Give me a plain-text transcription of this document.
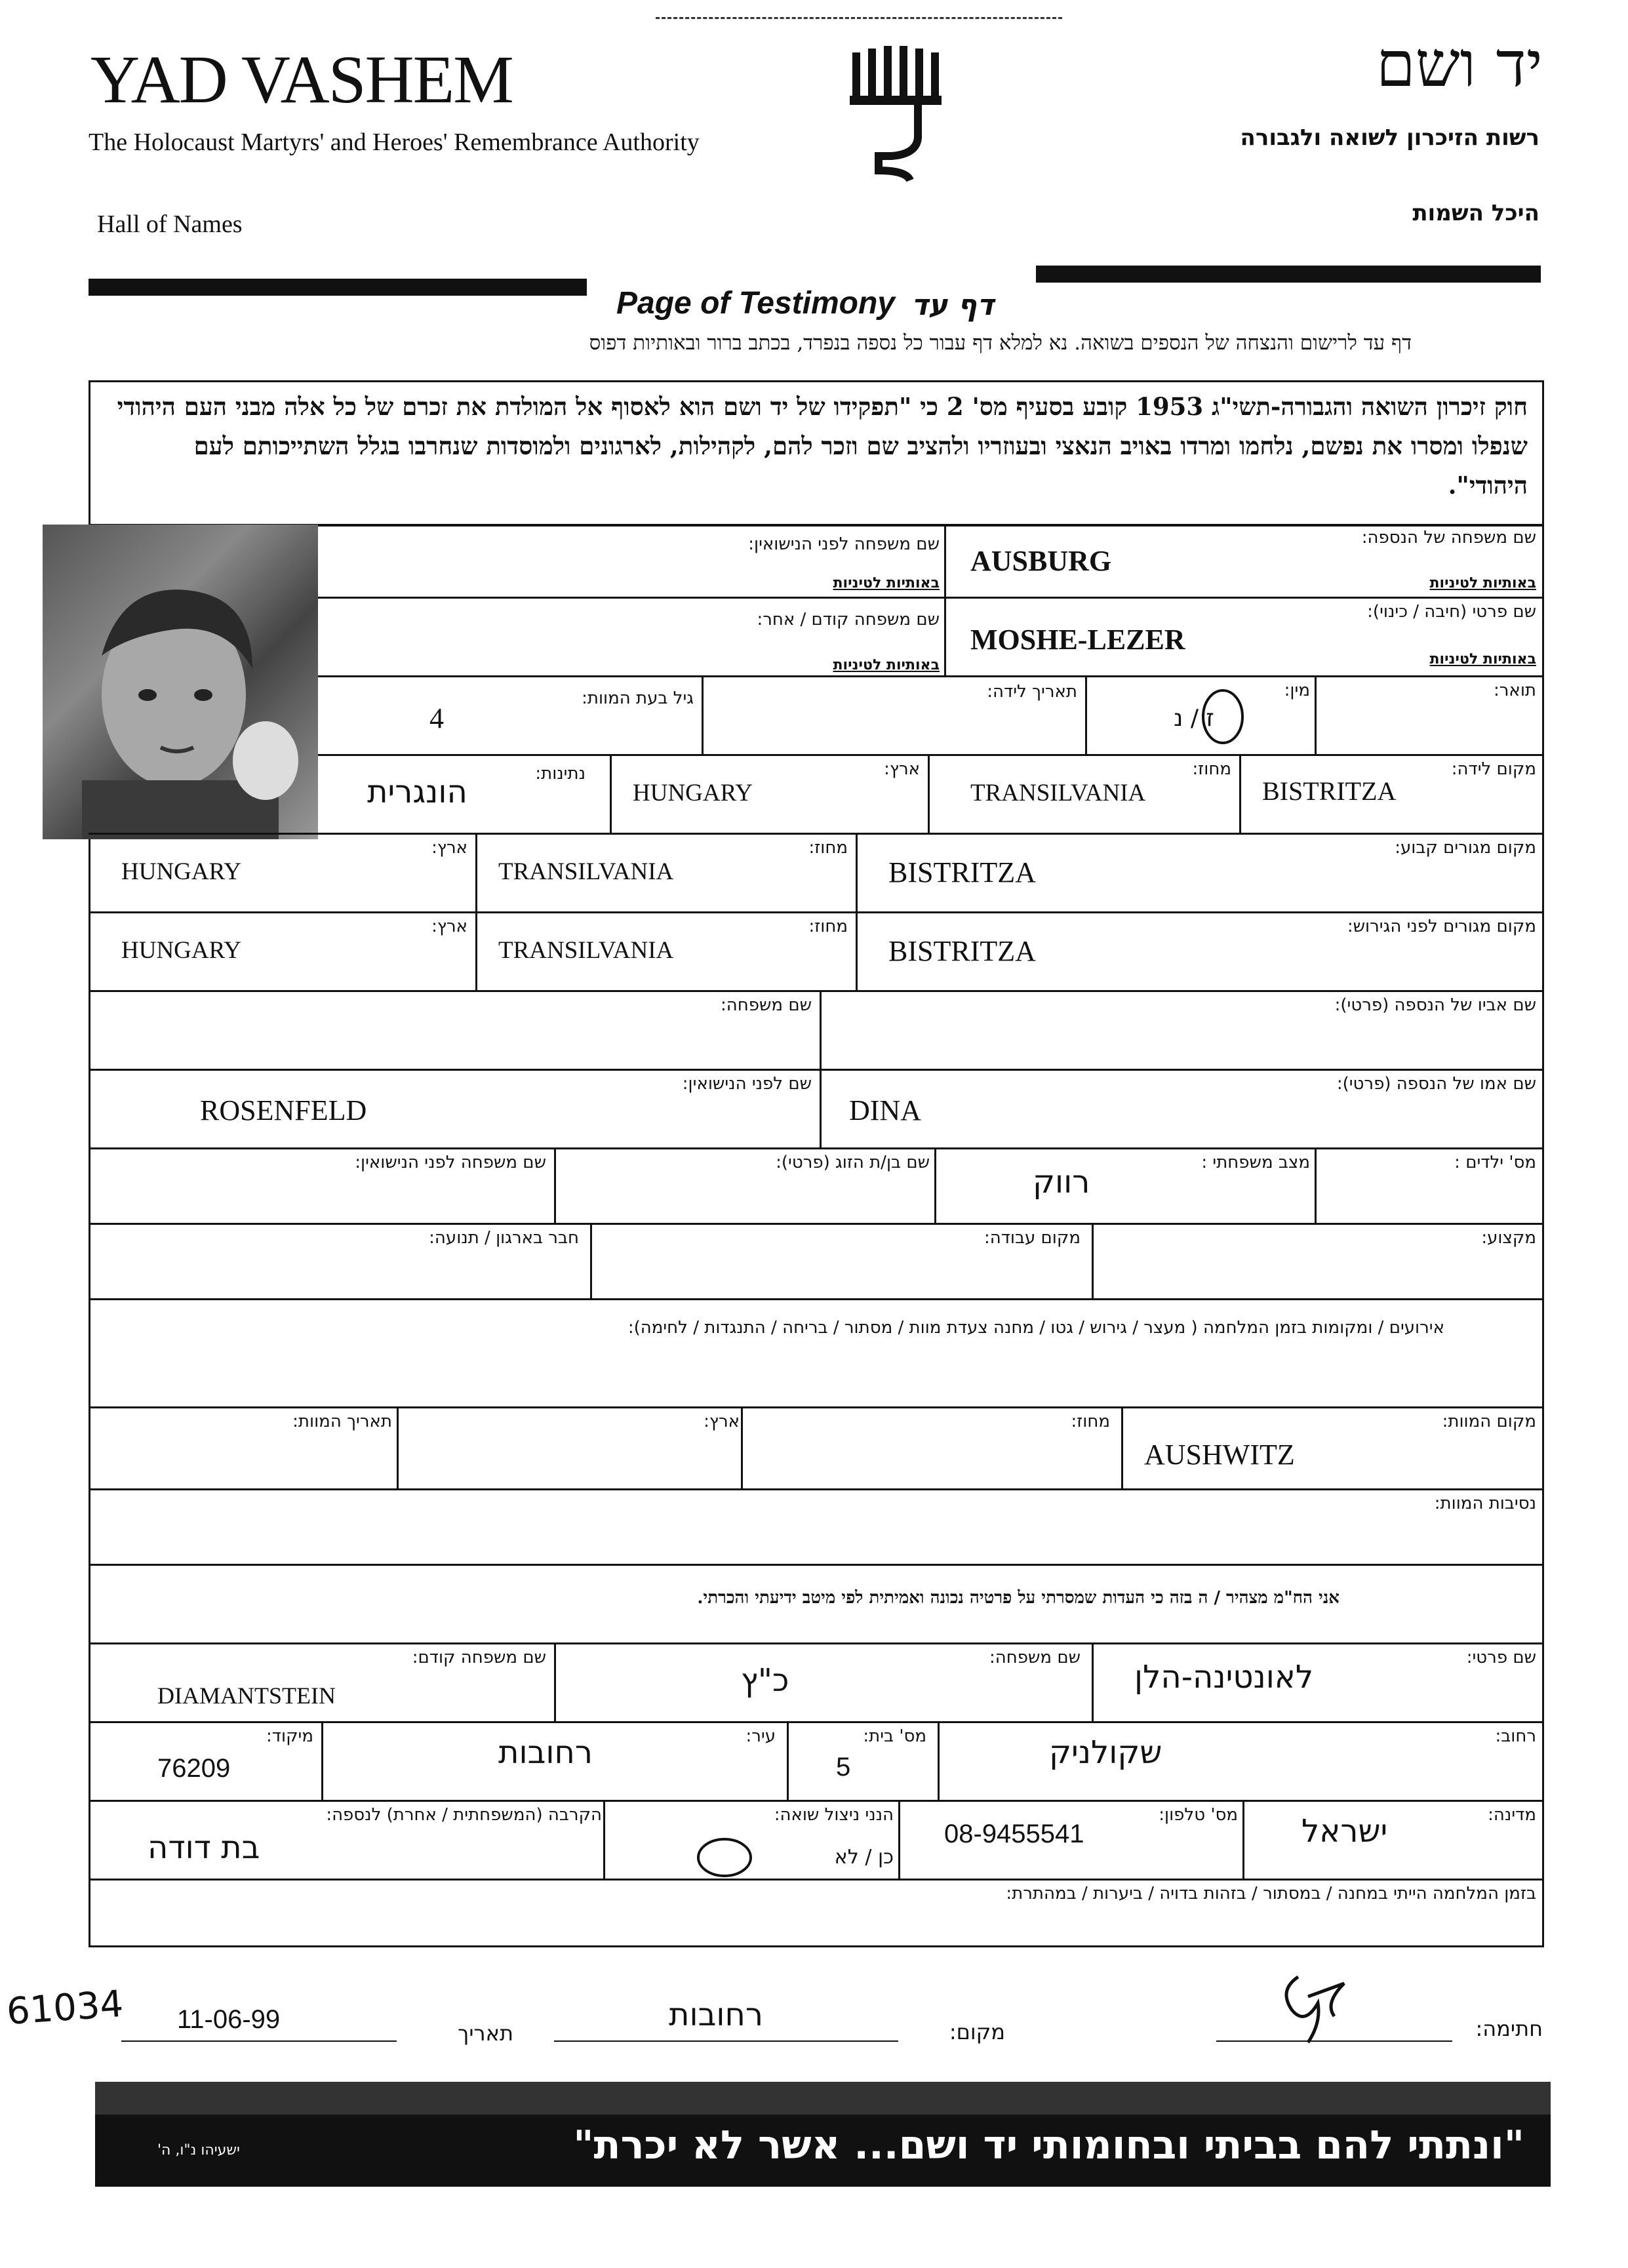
YAD VASHEM
The Holocaust Martyrs' and Heroes' Remembrance Authority
Hall of Names
יד ושם
רשות הזיכרון לשואה ולגבורה
היכל השמות
Page of Testimony דף עד
דף עד לרישום והנצחה של הנספים בשואה. נא למלא דף עבור כל נספה בנפרד, בכתב ברור ובאותיות דפוס
חוק זיכרון השואה והגבורה-תשי"ג 1953 קובע בסעיף מס' 2 כי "תפקידו של יד ושם הוא לאסוף אל המולדת את זכרם של כל אלה מבני העם היהודי שנפלו ומסרו את נפשם, נלחמו ומרדו באויב הנאצי ובעוזריו ולהציב שם וזכר להם, לקהילות, לארגונים ולמוסדות שנחרבו בגלל השתייכותם לעם היהודי".
שם משפחה של הנספה:
באותיות לטיניות
AUSBURG
שם משפחה לפני הנישואין:
באותיות לטיניות
שם פרטי (חיבה / כינוי):
באותיות לטיניות
MOSHE-LEZER
שם משפחה קודם / אחר:
באותיות לטיניות
תואר:
מין:
ז / נ
תאריך לידה:
גיל בעת המוות:
4
מקום לידה:
BISTRITZA
מחוז:
TRANSILVANIA
ארץ:
HUNGARY
נתינות:
הונגרית
מקום מגורים קבוע:
BISTRITZA
מחוז:
TRANSILVANIA
ארץ:
HUNGARY
מקום מגורים לפני הגירוש:
BISTRITZA
מחוז:
TRANSILVANIA
ארץ:
HUNGARY
שם אביו של הנספה (פרטי):
שם משפחה:
שם אמו של הנספה (פרטי):
DINA
שם לפני הנישואין:
ROSENFELD
מס' ילדים :
מצב משפחתי :
רווק
שם בן/ת הזוג (פרטי):
שם משפחה לפני הנישואין:
מקצוע:
מקום עבודה:
חבר בארגון / תנועה:
אירועים / ומקומות בזמן המלחמה ( מעצר / גירוש / גטו / מחנה צעדת מוות / מסתור / בריחה / התנגדות / לחימה):
מקום המוות:
AUSHWITZ
מחוז:
ארץ:
תאריך המוות:
נסיבות המוות:
אני הח"מ מצהיר / ה בזה כי העדות שמסרתי על פרטיה נכונה ואמיתית לפי מיטב ידיעתי והכרתי.
שם פרטי:
לאונטינה-הלן
שם משפחה:
כ"ץ
שם משפחה קודם:
DIAMANTSTEIN
רחוב:
שקולניק
מס' בית:
5
עיר:
רחובות
מיקוד:
76209
מדינה:
ישראל
מס' טלפון:
08-9455541
הנני ניצול שואה:
כן / לא
הקרבה (המשפחתית / אחרת) לנספה:
בת דודה
בזמן המלחמה הייתי במחנה / במסתור / בזהות בדויה / ביערות / במהתרת:
61034	חתימה:
מקום:
רחובות
תאריך
11-06-99
"ונתתי להם בביתי ובחומותי יד ושם... אשר לא יכרת"
ישעיהו נ"ו, ה'
